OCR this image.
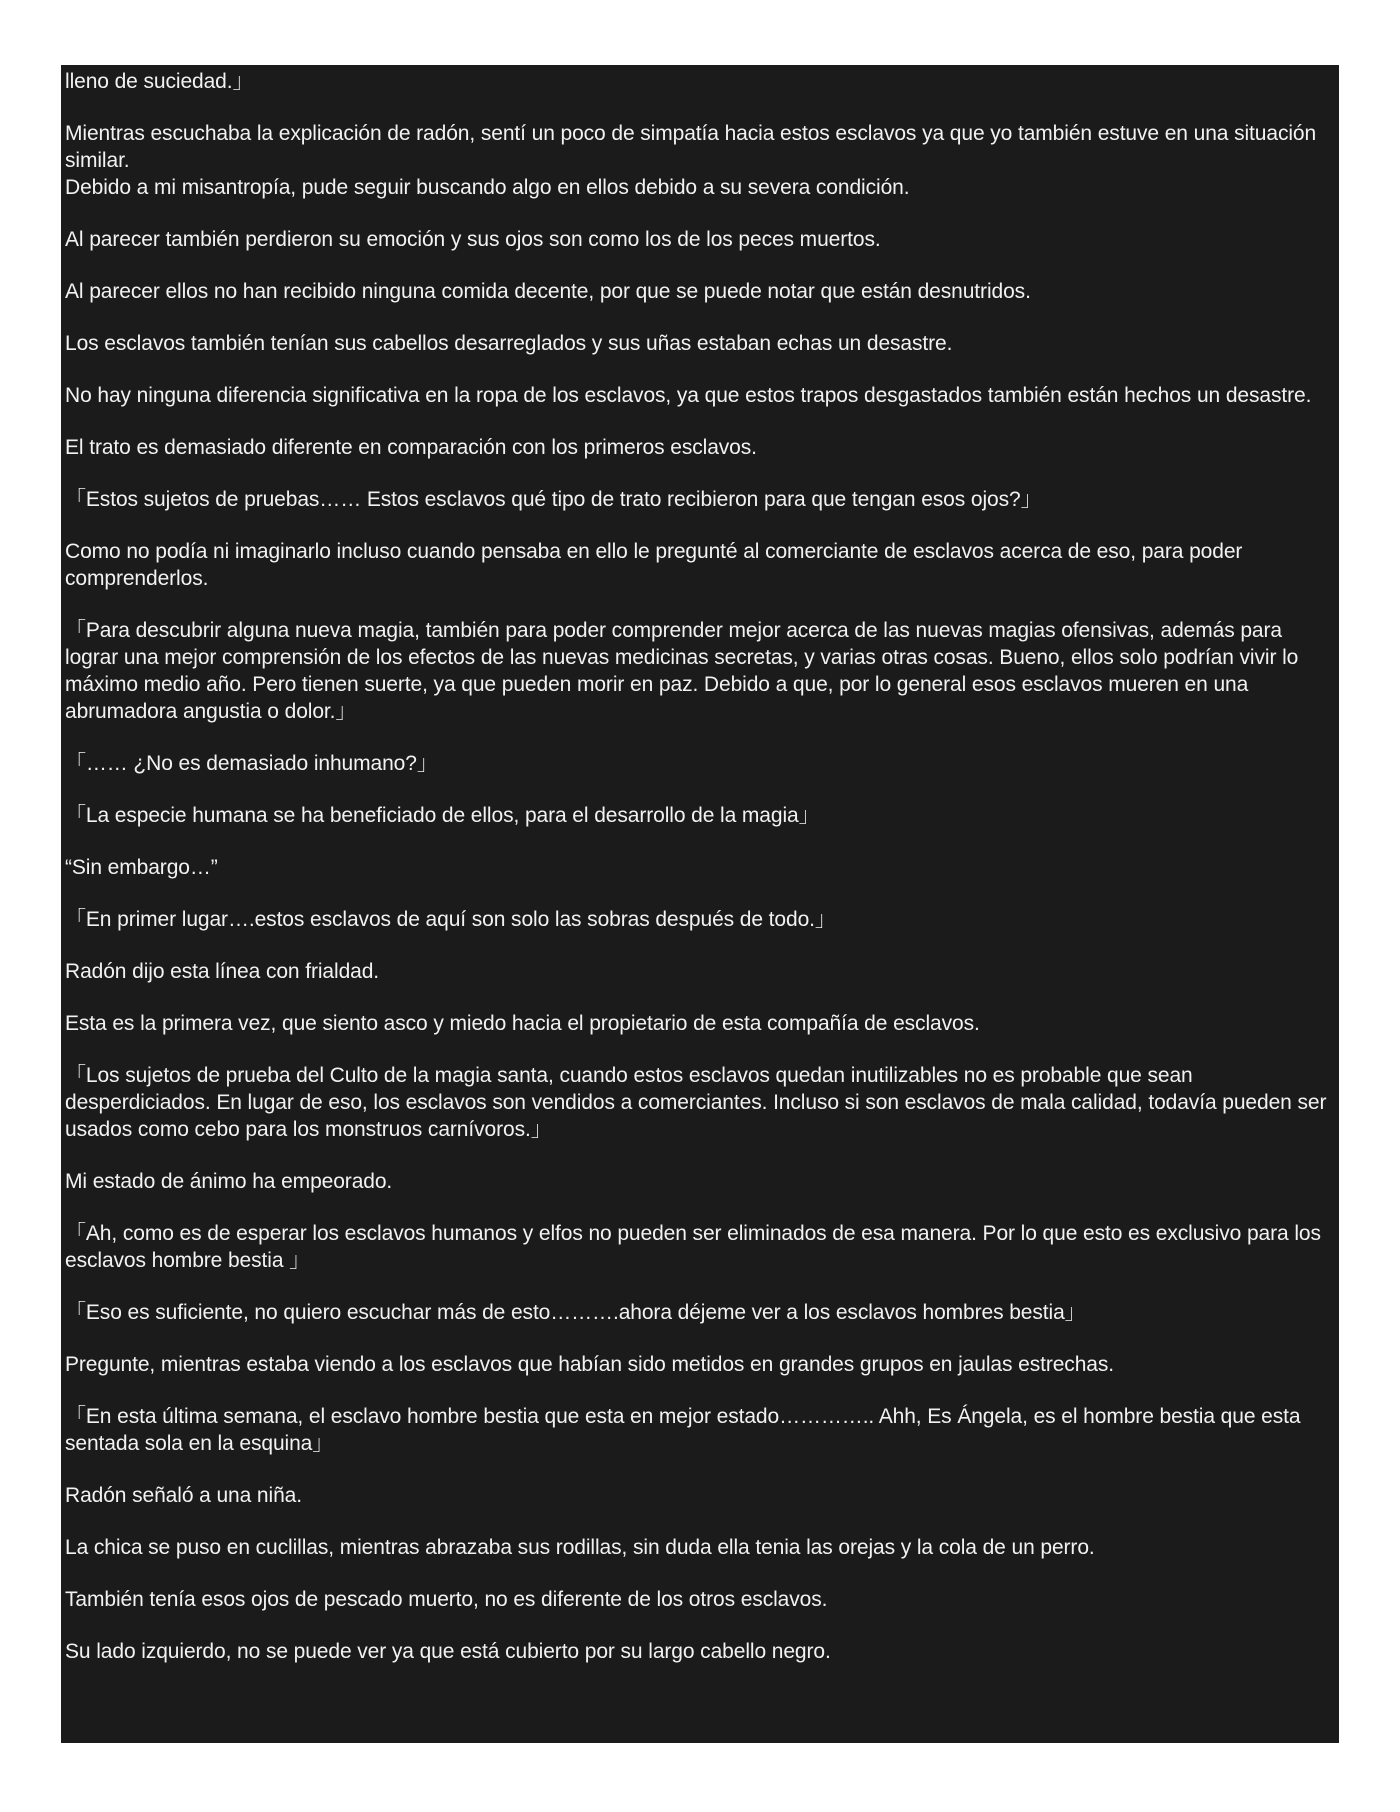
lleno de suciedad.」

Mientras escuchaba la explicación de radón, sentí un poco de simpatía hacia estos esclavos ya que yo también estuve en una situación similar.
Debido a mi misantropía, pude seguir buscando algo en ellos debido a su severa condición.

Al parecer también perdieron su emoción y sus ojos son como los de los peces muertos.

Al parecer ellos no han recibido ninguna comida decente, por que se puede notar que están desnutridos.

Los esclavos también tenían sus cabellos desarreglados y sus uñas estaban echas un desastre.

No hay ninguna diferencia significativa en la ropa de los esclavos, ya que estos trapos desgastados también están hechos un desastre.

El trato es demasiado diferente en comparación con los primeros esclavos.

「Estos sujetos de pruebas…… Estos esclavos qué tipo de trato recibieron para que tengan esos ojos?」

Como no podía ni imaginarlo incluso cuando pensaba en ello le pregunté al comerciante de esclavos acerca de eso, para poder comprenderlos.

「Para descubrir alguna nueva magia, también para poder comprender mejor acerca de las nuevas magias ofensivas, además para lograr una mejor comprensión de los efectos de las nuevas medicinas secretas, y varias otras cosas. Bueno, ellos solo podrían vivir lo máximo medio año. Pero tienen suerte, ya que pueden morir en paz. Debido a que, por lo general esos esclavos mueren en una abrumadora angustia o dolor.」

「…… ¿No es demasiado inhumano?」

「La especie humana se ha beneficiado de ellos, para el desarrollo de la magia」

“Sin embargo…”

「En primer lugar….estos esclavos de aquí son solo las sobras después de todo.」

Radón dijo esta línea con frialdad.

Esta es la primera vez, que siento asco y miedo hacia el propietario de esta compañía de esclavos.

「Los sujetos de prueba del Culto de la magia santa, cuando estos esclavos quedan inutilizables no es probable que sean desperdiciados. En lugar de eso, los esclavos son vendidos a comerciantes. Incluso si son esclavos de mala calidad, todavía pueden ser usados como cebo para los monstruos carnívoros.」

Mi estado de ánimo ha empeorado.

「Ah, como es de esperar los esclavos humanos y elfos no pueden ser eliminados de esa manera. Por lo que esto es exclusivo para los esclavos hombre bestia 」

「Eso es suficiente, no quiero escuchar más de esto……….ahora déjeme ver a los esclavos hombres bestia」

Pregunte, mientras estaba viendo a los esclavos que habían sido metidos en grandes grupos en jaulas estrechas.

「En esta última semana, el esclavo hombre bestia que esta en mejor estado………….. Ahh, Es Ángela, es el hombre bestia que esta sentada sola en la esquina」

Radón señaló a una niña.

La chica se puso en cuclillas, mientras abrazaba sus rodillas, sin duda ella tenia las orejas y la cola de un perro.

También tenía esos ojos de pescado muerto, no es diferente de los otros esclavos.

Su lado izquierdo, no se puede ver ya que está cubierto por su largo cabello negro.
